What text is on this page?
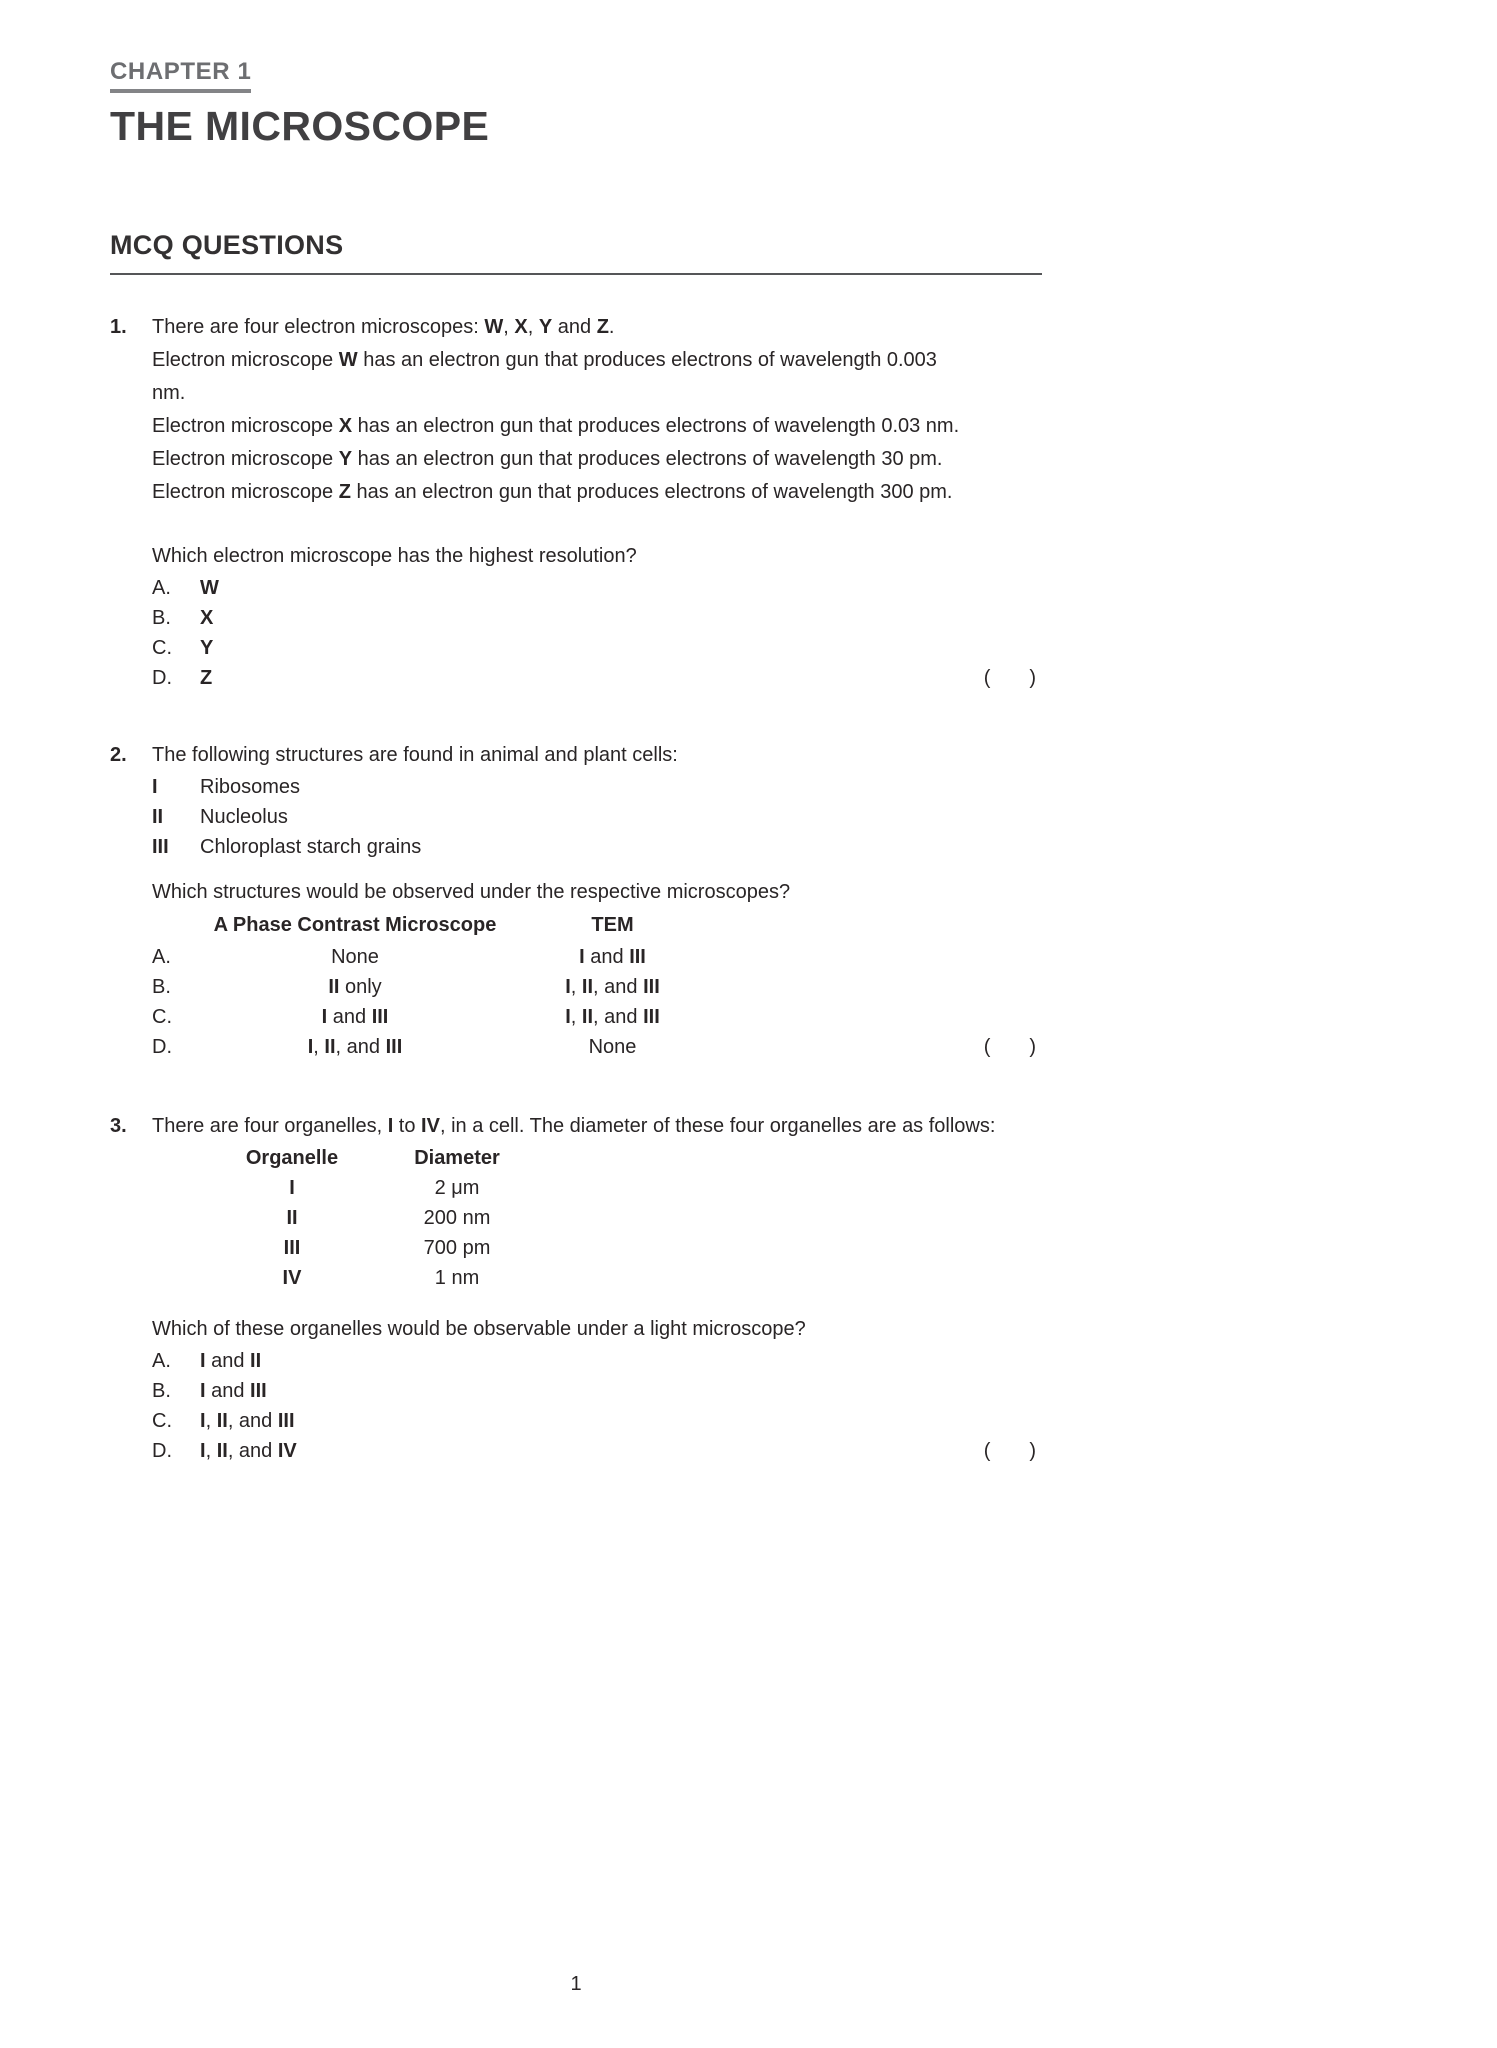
CHAPTER 1
THE MICROSCOPE
MCQ QUESTIONS
1.	There are four electron microscopes: W, X, Y and Z.

Electron microscope W has an electron gun that produces electrons of wavelength 0.003

nm.

Electron microscope X has an electron gun that produces electrons of wavelength 0.03 nm.

Electron microscope Y has an electron gun that produces electrons of wavelength 30 pm.

Electron microscope Z has an electron gun that produces electrons of wavelength 300 pm.

Which electron microscope has the highest resolution?

A.	W
B.	X
C.	Y
D.	Z	(       )
2.	The following structures are found in animal and plant cells:

I	Ribosomes
II	Nucleolus
III	Chloroplast starch grains

Which structures would be observed under the respective microscopes?

A Phase Contrast Microscope	TEM
A.	None	I and III
B.	II only	I, II, and III
C.	I and III	I, II, and III
D.	I, II, and III	None	(       )
3.	There are four organelles, I to IV, in a cell. The diameter of these four organelles are as follows:

Organelle	Diameter
I	2 μm
II	200 nm
III	700 pm
IV	1 nm

Which of these organelles would be observable under a light microscope?

A.	I and II
B.	I and III
C.	I, II, and III
D.	I, II, and IV	(       )
1
